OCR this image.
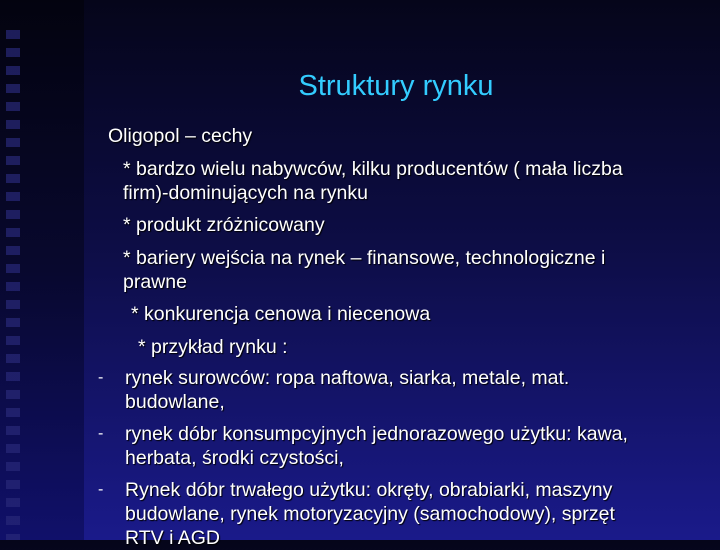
Struktury rynku
Oligopol – cechy
* bardzo wielu nabywców, kilku producentów ( mała liczba
firm)-dominujących na rynku
* produkt zróżnicowany
* bariery wejścia na rynek – finansowe, technologiczne i
prawne
* konkurencja cenowa i niecenowa
* przykład rynku :
- rynek surowców: ropa naftowa, siarka, metale, mat.
budowlane,
- rynek dóbr konsumpcyjnych jednorazowego użytku: kawa,
herbata, środki czystości,
- Rynek dóbr trwałego użytku: okręty, obrabiarki, maszyny
budowlane, rynek motoryzacyjny (samochodowy), sprzęt
RTV i AGD
